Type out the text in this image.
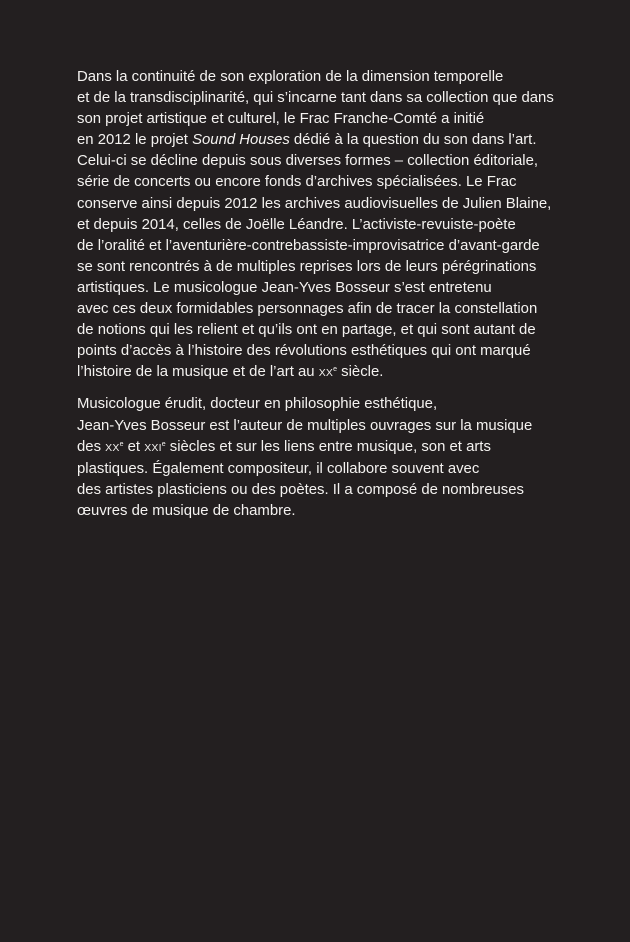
Dans la continuité de son exploration de la dimension temporelle
et de la transdisciplinarité, qui s’incarne tant dans sa collection que dans
son projet artistique et culturel, le Frac Franche-Comté a initié
en 2012 le projet Sound Houses dédié à la question du son dans l’art.
Celui-ci se décline depuis sous diverses formes – collection éditoriale,
série de concerts ou encore fonds d’archives spécialisées. Le Frac
conserve ainsi depuis 2012 les archives audiovisuelles de Julien Blaine,
et depuis 2014, celles de Joëlle Léandre. L’activiste-revuiste-poète
de l’oralité et l’aventurière-contrebassiste-improvisatrice d’avant-garde
se sont rencontrés à de multiples reprises lors de leurs pérégrinations
artistiques. Le musicologue Jean-Yves Bosseur s’est entretenu
avec ces deux formidables personnages afin de tracer la constellation
de notions qui les relient et qu’ils ont en partage, et qui sont autant de
points d’accès à l’histoire des révolutions esthétiques qui ont marqué
l’histoire de la musique et de l’art au XXe siècle.

Musicologue érudit, docteur en philosophie esthétique,
Jean-Yves Bosseur est l’auteur de multiples ouvrages sur la musique
des XXe et XXIe siècles et sur les liens entre musique, son et arts
plastiques. Également compositeur, il collabore souvent avec
des artistes plasticiens ou des poètes. Il a composé de nombreuses
œuvres de musique de chambre.
